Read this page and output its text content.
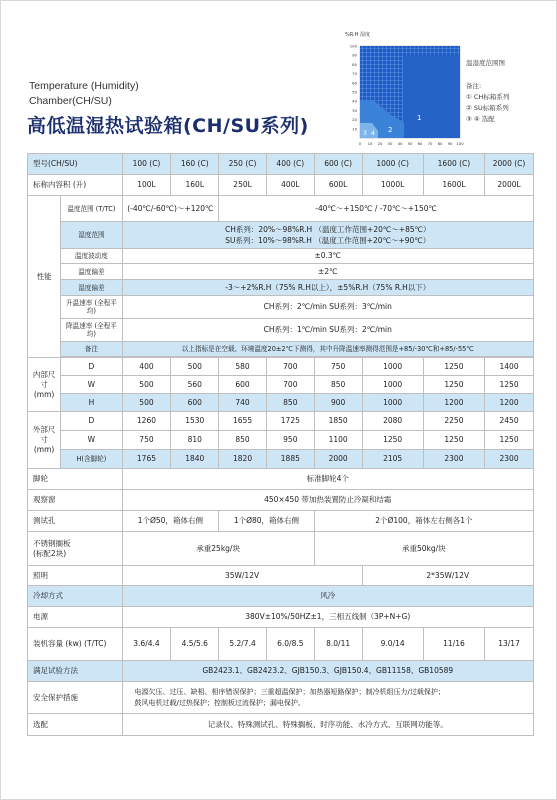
Temperature (Humidity)
Chamber(CH/SU)
高低温湿热试验箱(CH/SU系列)
%R.H 湿度
1
2
3 4
0 10 20 30 40 50 60 70 80 90 100
10
20
30
40
50
60
70
80
90
100
温湿度范围图
备注:
① CH标箱系列
② SU标箱系列
③ ④ 选配
型号(CH/SU)		100 (C)	160 (C)	250 (C)	400 (C)	600 (C)	1000 (C)	1600 (C)	2000 (C)
标称内容积 (升)		100L	160L	250L	400L	600L	1000L	1600L	2000L
性能	温度范围 (T/TC)	(-40℃/-60℃)～+120℃		-40℃～+150℃ / -70℃～+150℃					
	湿度范围	CH系列：20%～98%R.H （温度工作范围+20℃～+85℃）
SU系列：10%～98%R.H （温度工作范围+20℃～+90℃）							

	温度波动度	±0.3℃							
	温度偏差	±2℃							
	湿度偏差	-3～+2%R.H（75% R.H以上），±5%R.H（75% R.H以下）							
	升温速率 (全程平均)	CH系列：2℃/min SU系列：3℃/min							
	降温速率 (全程平均)	CH系列：1℃/min SU系列：2℃/min							
	备注	以上指标是在空载、环境温度20±2℃下测得，其中升降温速率测得范围是+85/-30℃和+85/-55℃							

内部尺寸 (mm)	D	400	500	580	700	750	1000	1250	1400
	W	500	560	600	700	850	1000	1250	1250
	H	500	600	740	850	900	1000	1200	1200
外部尺寸 (mm)	D	1260	1530	1655	1725	1850	2080	2250	2450
	W	750	810	850	950	1100	1250	1250	1250
	H(含脚轮)	1765	1840	1820	1885	2000	2105	2300	2300
脚轮		标准脚轮4个							
观察窗		450×450 带加热装置防止冷凝和结霜							
测试孔		1个Ø50，箱体右侧		1个Ø80，箱体右侧		2个Ø100，箱体左右侧各1个			

不锈钢搁板
(标配2块)		承重25kg/块				承重50kg/块			
照明		35W/12V					2*35W/12V		
冷却方式		风冷							
电源		380V±10%/50HZ±1，三相五线制（3P+N+G)							
装机容量 (kw) (T/TC)		3.6/4.4	4.5/5.6	5.2/7.4	6.0/8.5	8.0/11	9.0/14	11/16	13/17
满足试验方法		GB2423.1、GB2423.2、GJB150.3、GJB150.4、GB11158、GB10589							
安全保护措施		电源欠压、过压、缺相、相序错误保护；三重超温保护；加热器短路保护；制冷机组压力/过载保护；
鼓风电机过载/过热保护；控制板过流保护；漏电保护。							

选配		记录仪、特殊测试孔、特殊搁板、时序功能、水冷方式、互联网功能等。							
